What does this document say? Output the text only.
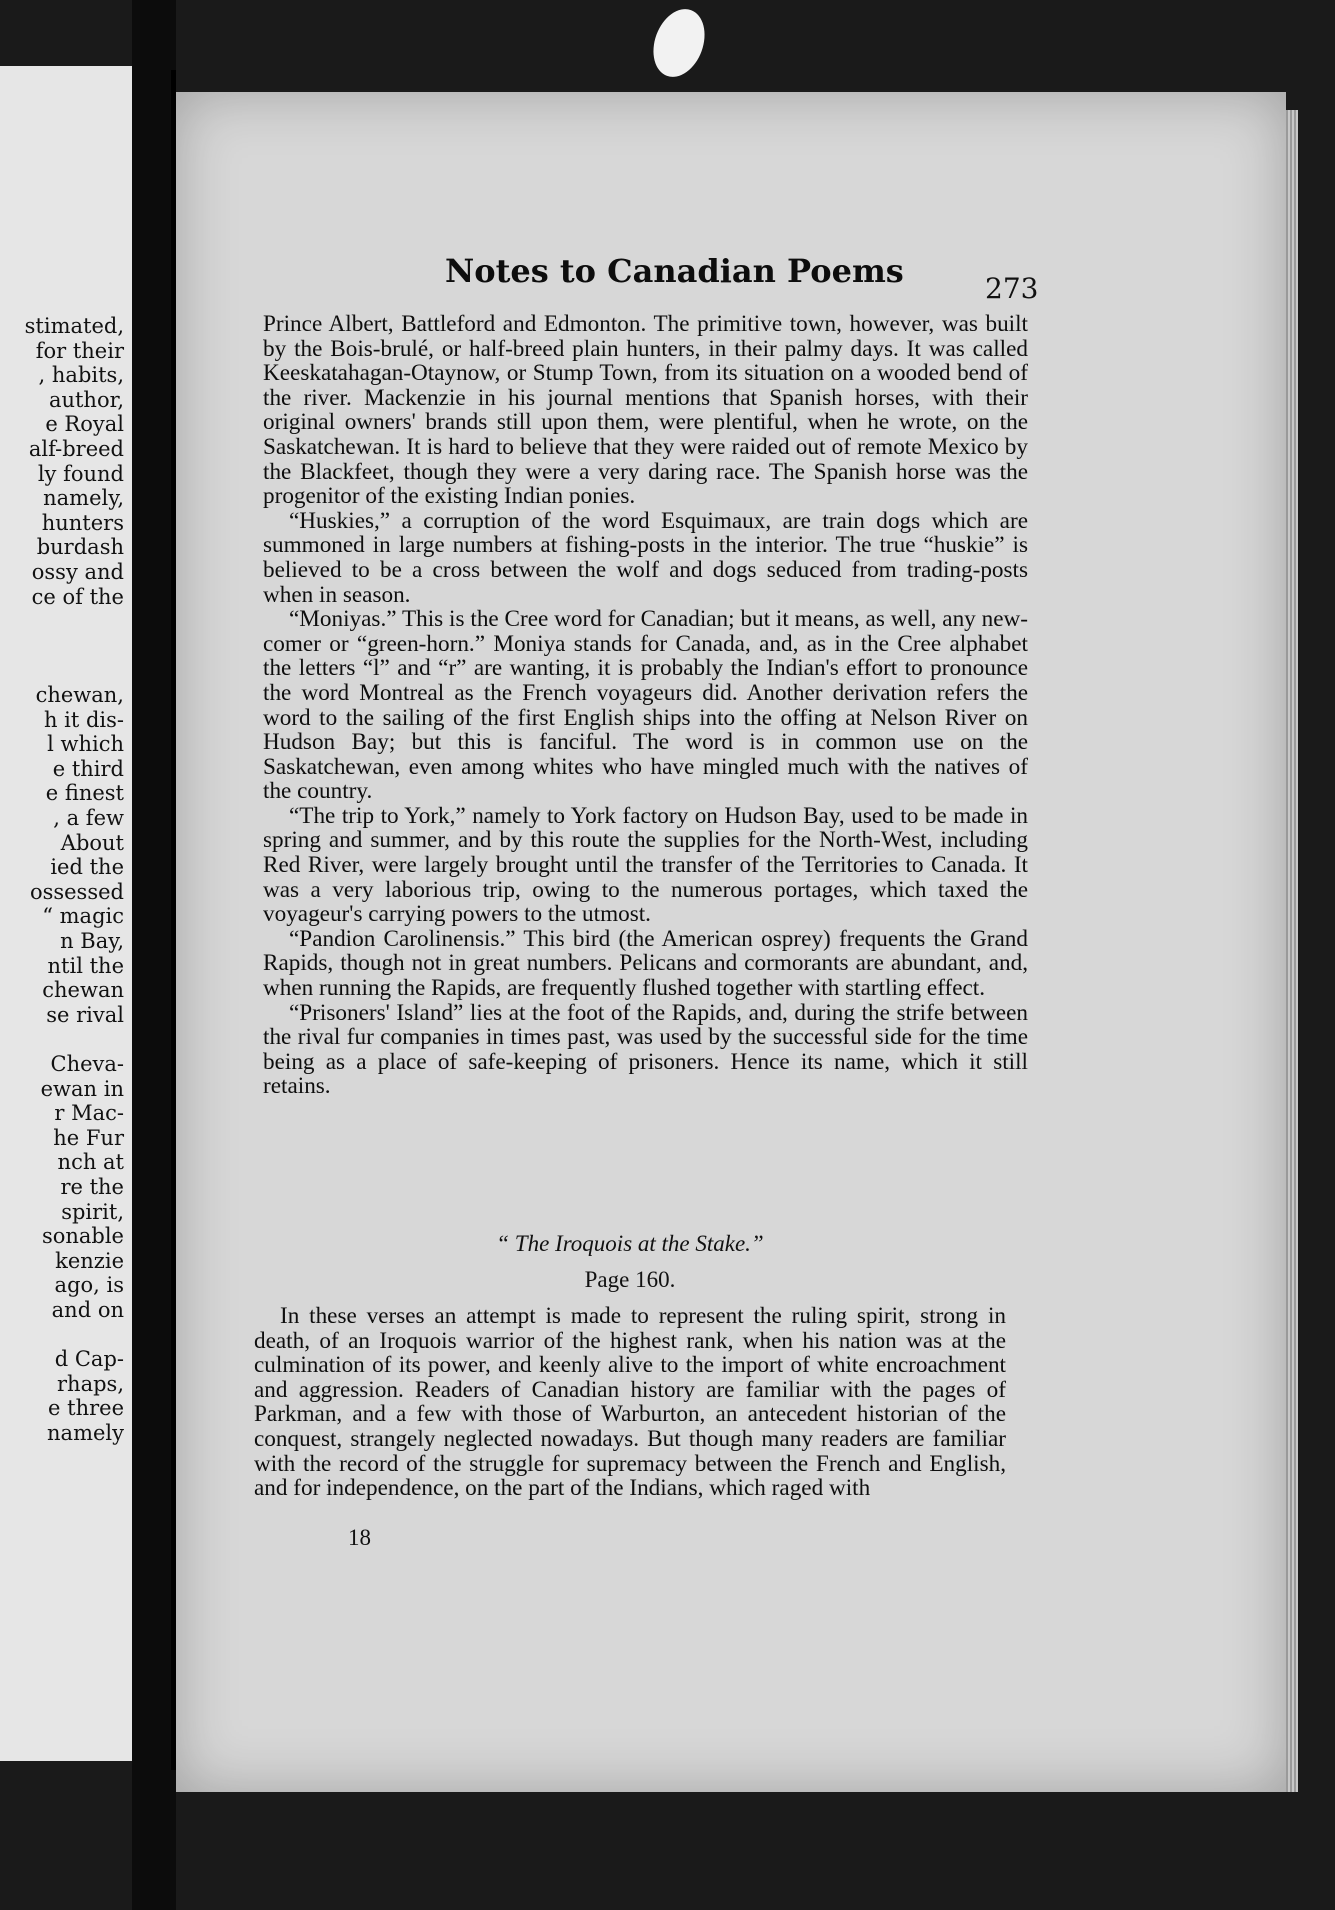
stimated,
for their
, habits,
author,
e Royal
alf-breed
ly found
namely,
hunters
burdash
ossy and
ce of the
chewan,
h it dis-
l which
e third
e finest
, a few
About
ied the
ossessed
“ magic
n Bay,
ntil the
chewan
se rival
Cheva-
ewan in
r Mac-
he Fur
nch at
re the
spirit,
sonable
kenzie
ago, is
and on
d Cap-
rhaps,
e three
namely
Notes to Canadian Poems	273

Prince Albert, Battleford and Edmonton. The primitive town, however, was built by the Bois-brulé, or half-breed plain hunters, in their palmy days. It was called Keeskatahagan-Otaynow, or Stump Town, from its situation on a wooded bend of the river. Mackenzie in his journal mentions that Spanish horses, with their original owners' brands still upon them, were plentiful, when he wrote, on the Saskatchewan. It is hard to believe that they were raided out of remote Mexico by the Blackfeet, though they were a very daring race. The Spanish horse was the progenitor of the existing Indian ponies.

“Huskies,” a corruption of the word Esquimaux, are train dogs which are summoned in large numbers at fishing-posts in the interior. The true “huskie” is believed to be a cross between the wolf and dogs seduced from trading-posts when in season.

“Moniyas.” This is the Cree word for Canadian; but it means, as well, any new-comer or “green-horn.” Moniya stands for Canada, and, as in the Cree alphabet the letters “l” and “r” are wanting, it is probably the Indian's effort to pronounce the word Montreal as the French voyageurs did. Another derivation refers the word to the sailing of the first English ships into the offing at Nelson River on Hudson Bay; but this is fanciful. The word is in common use on the Saskatchewan, even among whites who have mingled much with the natives of the country.

“The trip to York,” namely to York factory on Hudson Bay, used to be made in spring and summer, and by this route the supplies for the North-West, including Red River, were largely brought until the transfer of the Territories to Canada. It was a very laborious trip, owing to the numerous portages, which taxed the voyageur's carrying powers to the utmost.

“Pandion Carolinensis.” This bird (the American osprey) frequents the Grand Rapids, though not in great numbers. Pelicans and cormorants are abundant, and, when running the Rapids, are frequently flushed together with startling effect.

“Prisoners' Island” lies at the foot of the Rapids, and, during the strife between the rival fur companies in times past, was used by the successful side for the time being as a place of safe-keeping of prisoners. Hence its name, which it still retains.

“ The Iroquois at the Stake.”
Page 160.

In these verses an attempt is made to represent the ruling spirit, strong in death, of an Iroquois warrior of the highest rank, when his nation was at the culmination of its power, and keenly alive to the import of white encroachment and aggression. Readers of Canadian history are familiar with the pages of Parkman, and a few with those of Warburton, an antecedent historian of the conquest, strangely neglected nowadays. But though many readers are familiar with the record of the struggle for supremacy between the French and English, and for independence, on the part of the Indians, which raged with

18
